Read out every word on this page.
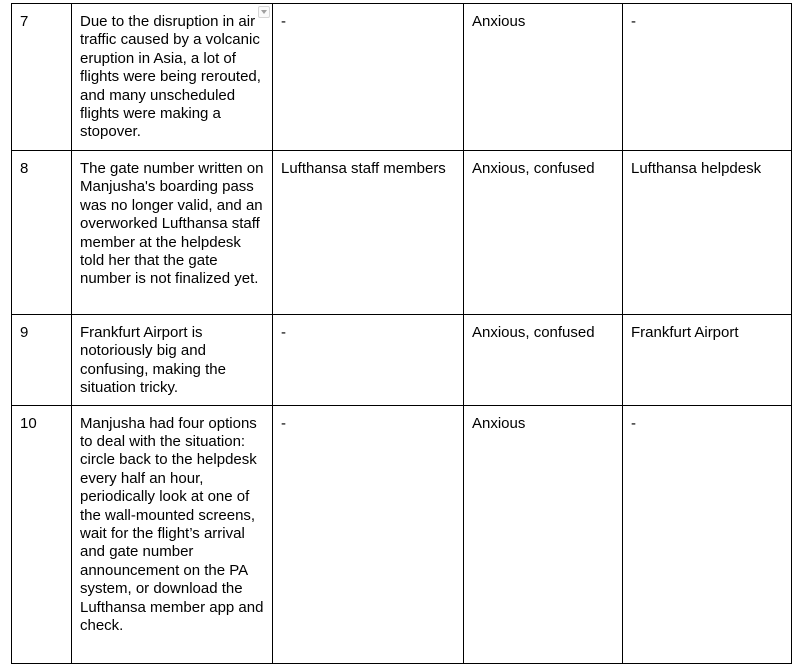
7	Due to the disruption in air traffic caused by a volcanic eruption in Asia, a lot of flights were being rerouted, and many unscheduled flights were making a stopover.	-	Anxious	-
8	The gate number written on Manjusha's boarding pass was no longer valid, and an overworked Lufthansa staff member at the helpdesk told her that the gate number is not finalized yet.	Lufthansa staff members	Anxious, confused	Lufthansa helpdesk
9	Frankfurt Airport is notoriously big and confusing, making the situation tricky.	-	Anxious, confused	Frankfurt Airport
10	Manjusha had four options to deal with the situation: circle back to the helpdesk every half an hour, periodically look at one of the wall-mounted screens, wait for the flight’s arrival and gate number announcement on the PA system, or download the Lufthansa member app and check.	-	Anxious	-
